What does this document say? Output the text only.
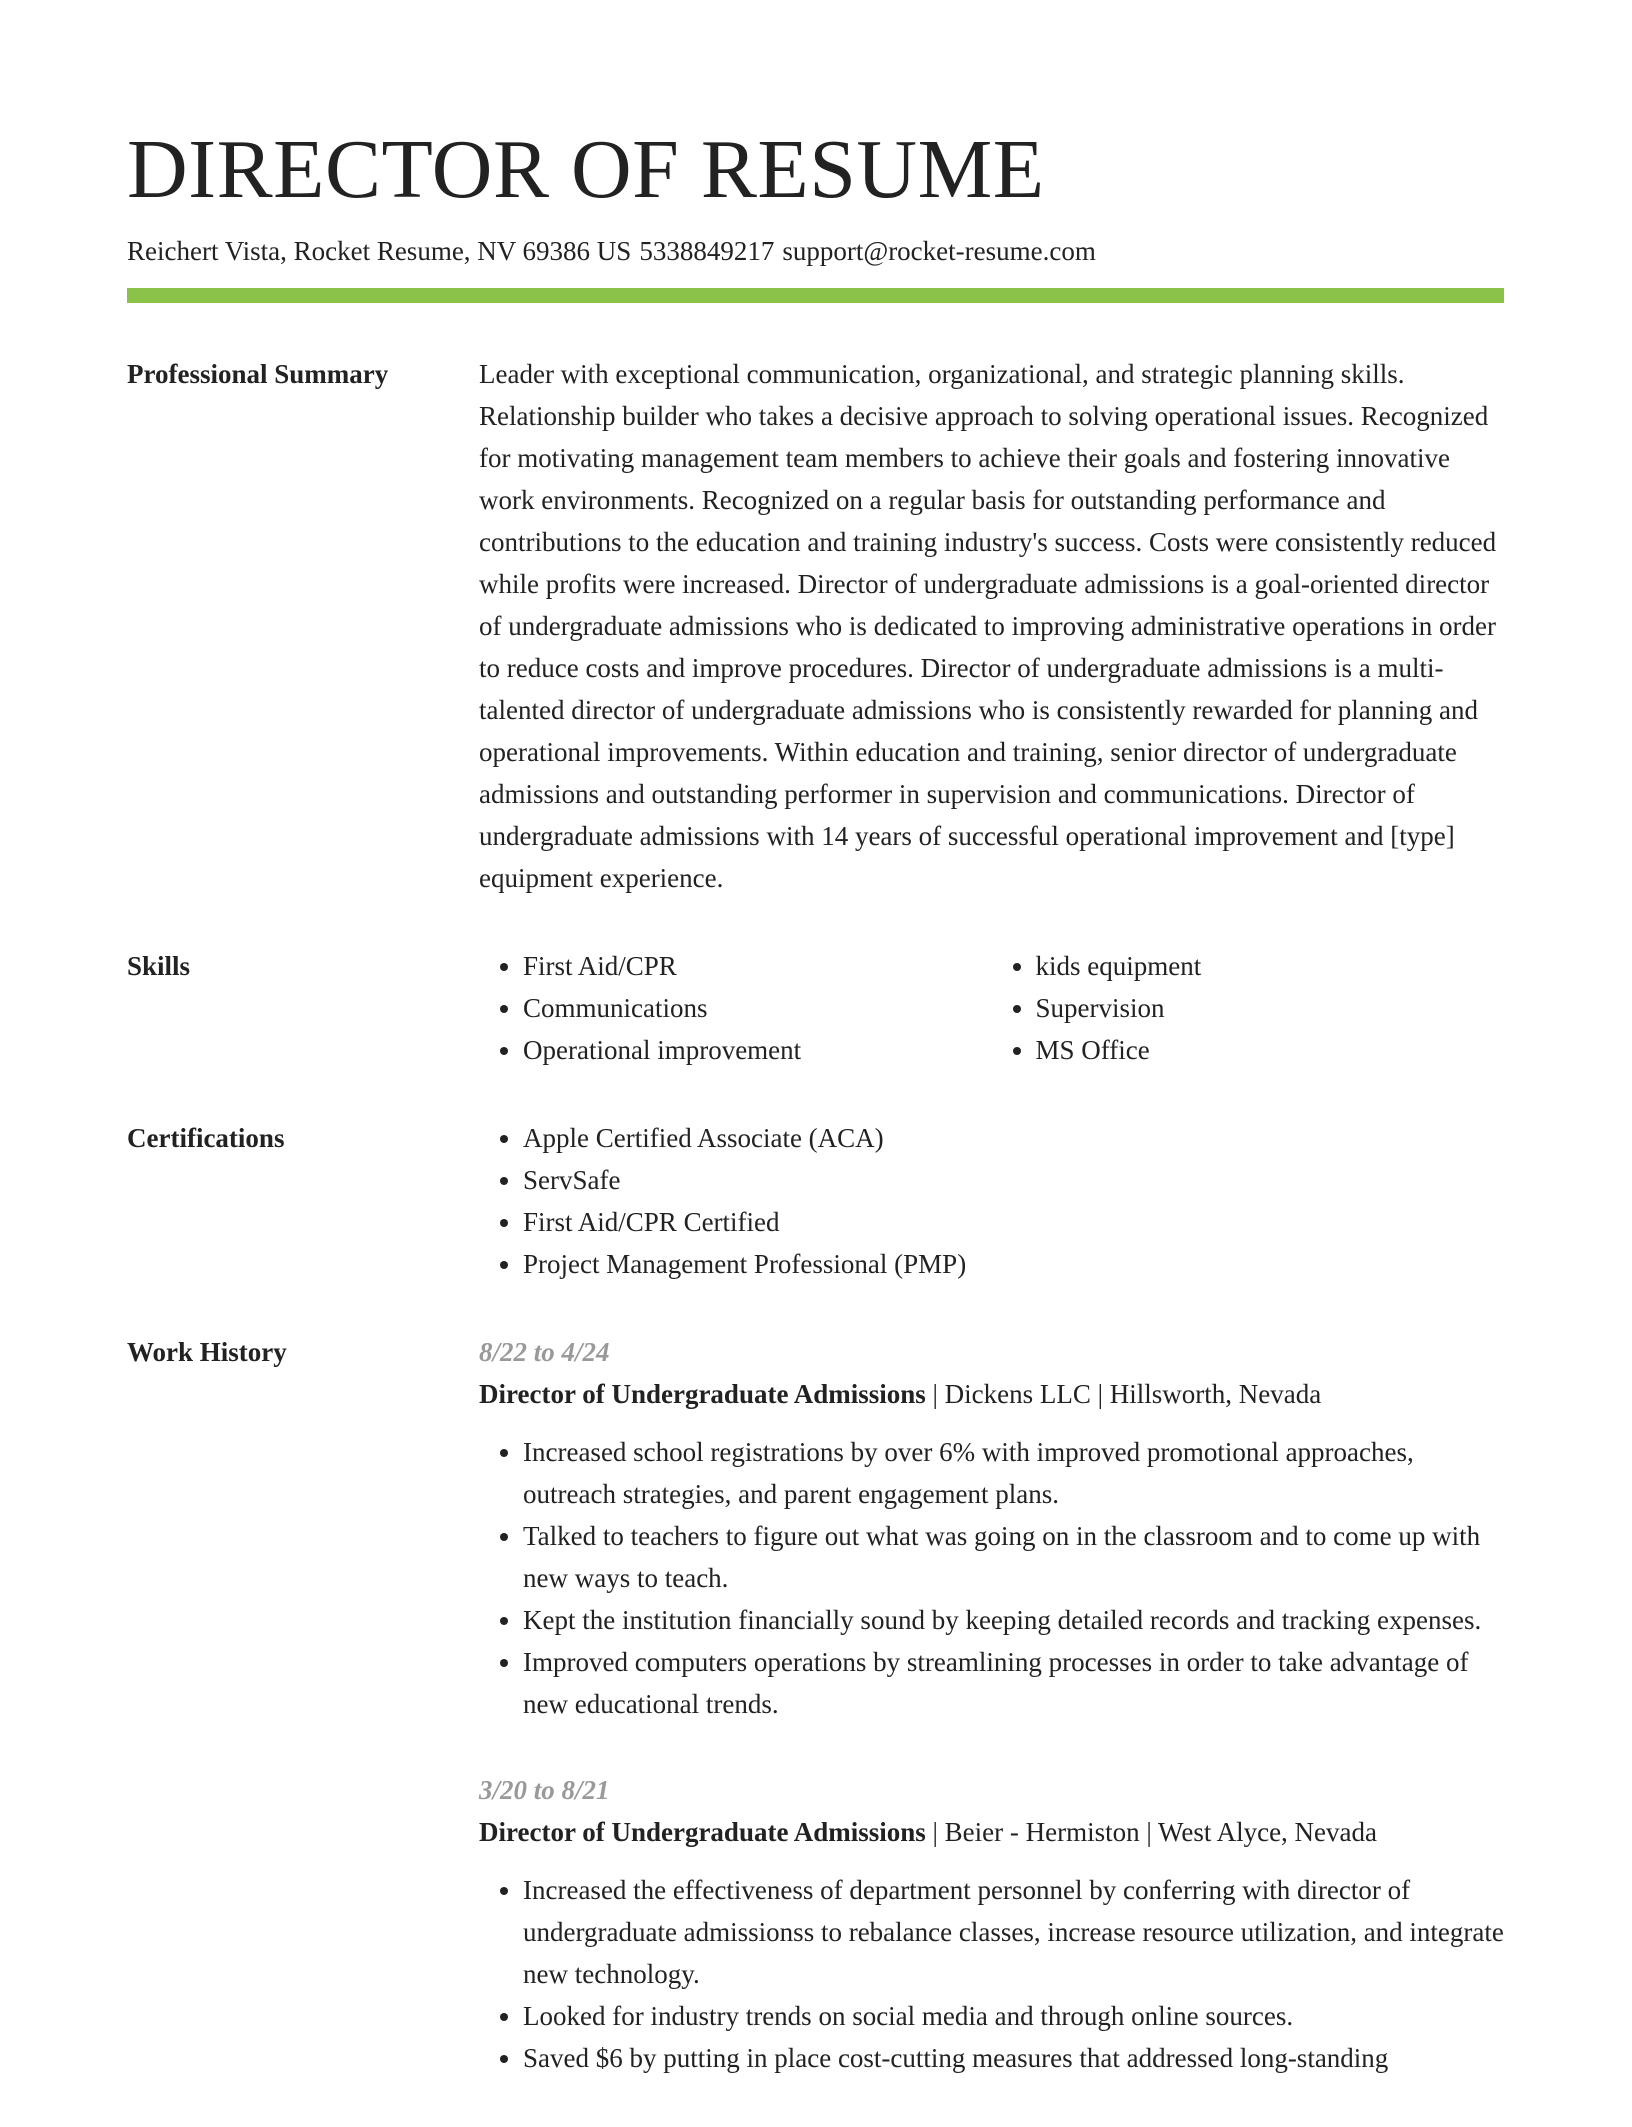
DIRECTOR OF RESUME
Reichert Vista, Rocket Resume, NV 69386 US 5338849217 support@rocket-resume.com
Professional Summary	Leader with exceptional communication, organizational, and strategic planning skills. Relationship builder who takes a decisive approach to solving operational issues. Recognized for motivating management team members to achieve their goals and fostering innovative work environments. Recognized on a regular basis for outstanding performance and contributions to the education and training industry's success. Costs were consistently reduced while profits were increased. Director of undergraduate admissions is a goal-oriented director of undergraduate admissions who is dedicated to improving administrative operations in order to reduce costs and improve procedures. Director of undergraduate admissions is a multi-talented director of undergraduate admissions who is consistently rewarded for planning and operational improvements. Within education and training, senior director of undergraduate admissions and outstanding performer in supervision and communications. Director of undergraduate admissions with 14 years of successful operational improvement and [type] equipment experience.

Skills	• First Aid/CPR
• Communications
• Operational improvement
• kids equipment
• Supervision
• MS Office
Certifications	• Apple Certified Associate (ACA)
• ServSafe
• First Aid/CPR Certified
• Project Management Professional (PMP)
Work History	8/22 to 4/24
Director of Undergraduate Admissions | Dickens LLC | Hillsworth, Nevada
• Increased school registrations by over 6% with improved promotional approaches, outreach strategies, and parent engagement plans.
• Talked to teachers to figure out what was going on in the classroom and to come up with new ways to teach.
• Kept the institution financially sound by keeping detailed records and tracking expenses.
• Improved computers operations by streamlining processes in order to take advantage of new educational trends.
3/20 to 8/21
Director of Undergraduate Admissions | Beier - Hermiston | West Alyce, Nevada
• Increased the effectiveness of department personnel by conferring with director of undergraduate admissionss to rebalance classes, increase resource utilization, and integrate new technology.
• Looked for industry trends on social media and through online sources.
• Saved $6 by putting in place cost-cutting measures that addressed long-standing
